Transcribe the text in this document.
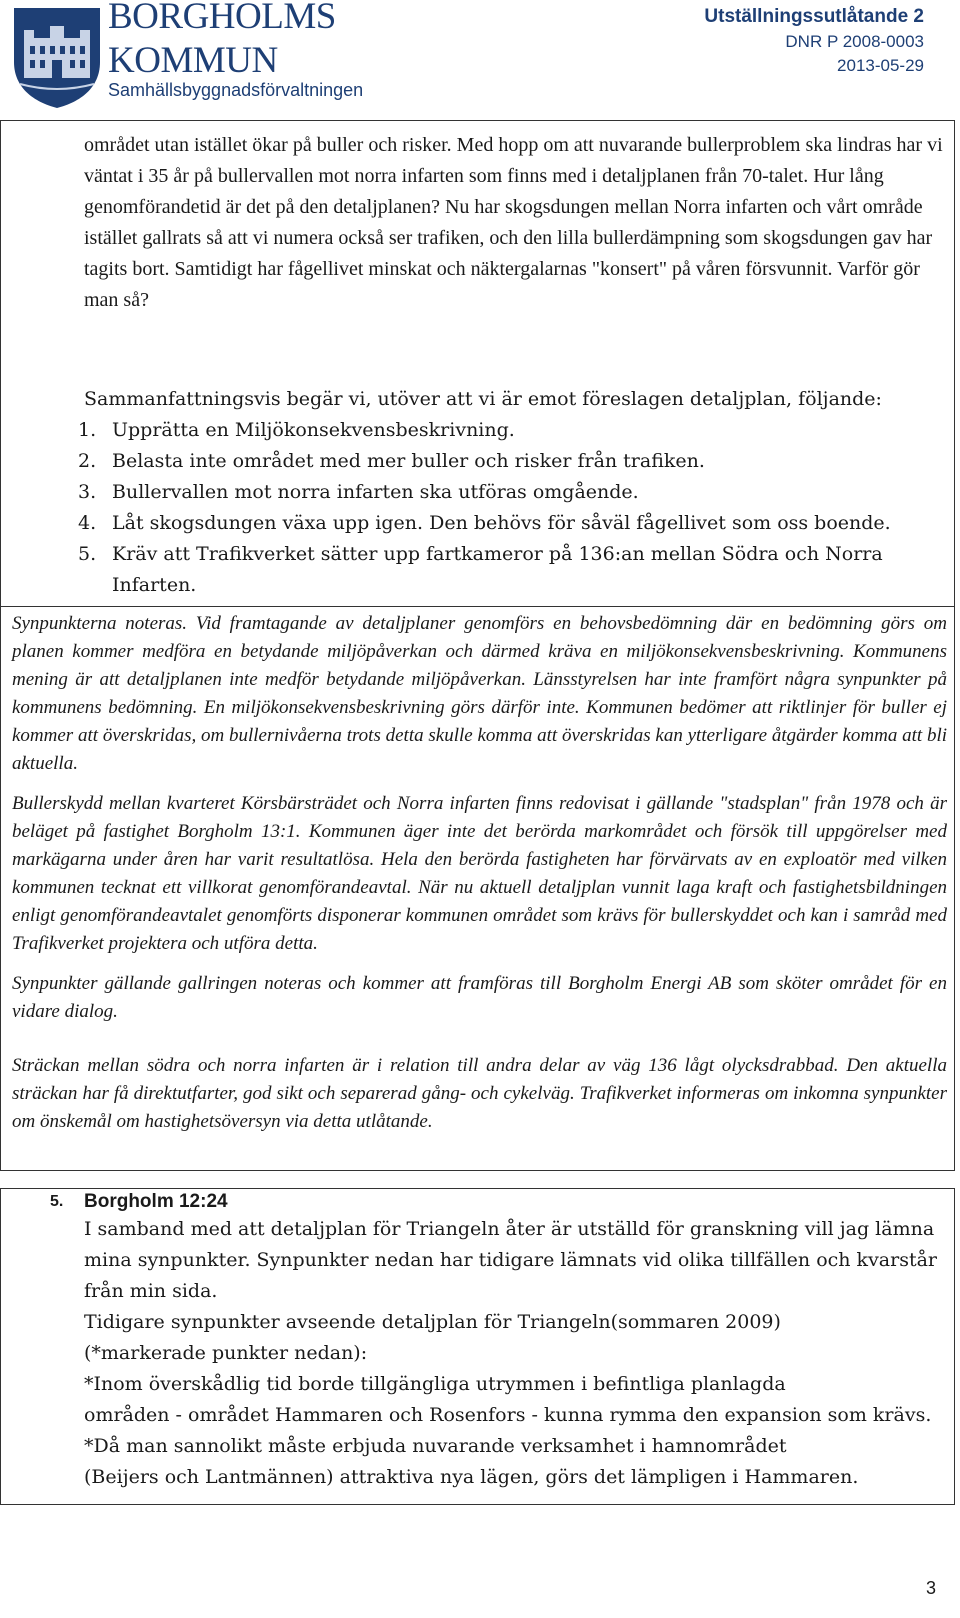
BORGHOLMS
KOMMUN
Samhällsbyggnadsförvaltningen
Utställningssutlåtande 2
DNR P 2008-0003
2013-05-29

området utan istället ökar på buller och risker. Med hopp om att nuvarande bullerproblem ska lindras har vi väntat i 35 år på bullervallen mot norra infarten som finns med i detaljplanen från 70-talet. Hur lång genomförandetid är det på den detaljplanen? Nu har skogsdungen mellan Norra infarten och vårt område istället gallrats så att vi numera också ser trafiken, och den lilla bullerdämpning som skogsdungen gav har tagits bort. Samtidigt har fågellivet minskat och näktergalarnas "konsert" på våren försvunnit. Varför gör man så?

Sammanfattningsvis begär vi, utöver att vi är emot föreslagen detaljplan, följande:

1. Upprätta en Miljökonsekvensbeskrivning.
2. Belasta inte området med mer buller och risker från trafiken.
3. Bullervallen mot norra infarten ska utföras omgående.
4. Låt skogsdungen växa upp igen. Den behövs för såväl fågellivet som oss boende.
5. Kräv att Trafikverket sätter upp fartkameror på 136:an mellan Södra och Norra Infarten.

Synpunkterna noteras. Vid framtagande av detaljplaner genomförs en behovsbedömning där en bedömning görs om planen kommer medföra en betydande miljöpåverkan och därmed kräva en miljökonsekvensbeskrivning. Kommunens mening är att detaljplanen inte medför betydande miljöpåverkan. Länsstyrelsen har inte framfört några synpunkter på kommunens bedömning. En miljökonsekvensbeskrivning görs därför inte. Kommunen bedömer att riktlinjer för buller ej kommer att överskridas, om bullernivåerna trots detta skulle komma att överskridas kan ytterligare åtgärder komma att bli aktuella.

Bullerskydd mellan kvarteret Körsbärsträdet och Norra infarten finns redovisat i gällande "stadsplan" från 1978 och är beläget på fastighet Borgholm 13:1. Kommunen äger inte det berörda markområdet och försök till uppgörelser med markägarna under åren har varit resultatlösa. Hela den berörda fastigheten har förvärvats av en exploatör med vilken kommunen tecknat ett villkorat genomförandeavtal. När nu aktuell detaljplan vunnit laga kraft och fastighetsbildningen enligt genomförandeavtalet genomförts disponerar kommunen området som krävs för bullerskyddet och kan i samråd med Trafikverket projektera och utföra detta.

Synpunkter gällande gallringen noteras och kommer att framföras till Borgholm Energi AB som sköter området för en vidare dialog.

Sträckan mellan södra och norra infarten är i relation till andra delar av väg 136 lågt olycksdrabbad. Den aktuella sträckan har få direktutfarter, god sikt och separerad gång- och cykelväg. Trafikverket informeras om inkomna synpunkter om önskemål om hastighetsöversyn via detta utlåtande.

5. Borgholm 12:24
I samband med att detaljplan för Triangeln åter är utställd för granskning vill jag lämna
mina synpunkter. Synpunkter nedan har tidigare lämnats vid olika tillfällen och kvarstår
från min sida.
Tidigare synpunkter avseende detaljplan för Triangeln(sommaren 2009)
(*markerade punkter nedan):
*Inom överskådlig tid borde tillgängliga utrymmen i befintliga planlagda
områden - området Hammaren och Rosenfors - kunna rymma den expansion som krävs.
*Då man sannolikt måste erbjuda nuvarande verksamhet i hamnområdet
(Beijers och Lantmännen) attraktiva nya lägen, görs det lämpligen i Hammaren.
3
